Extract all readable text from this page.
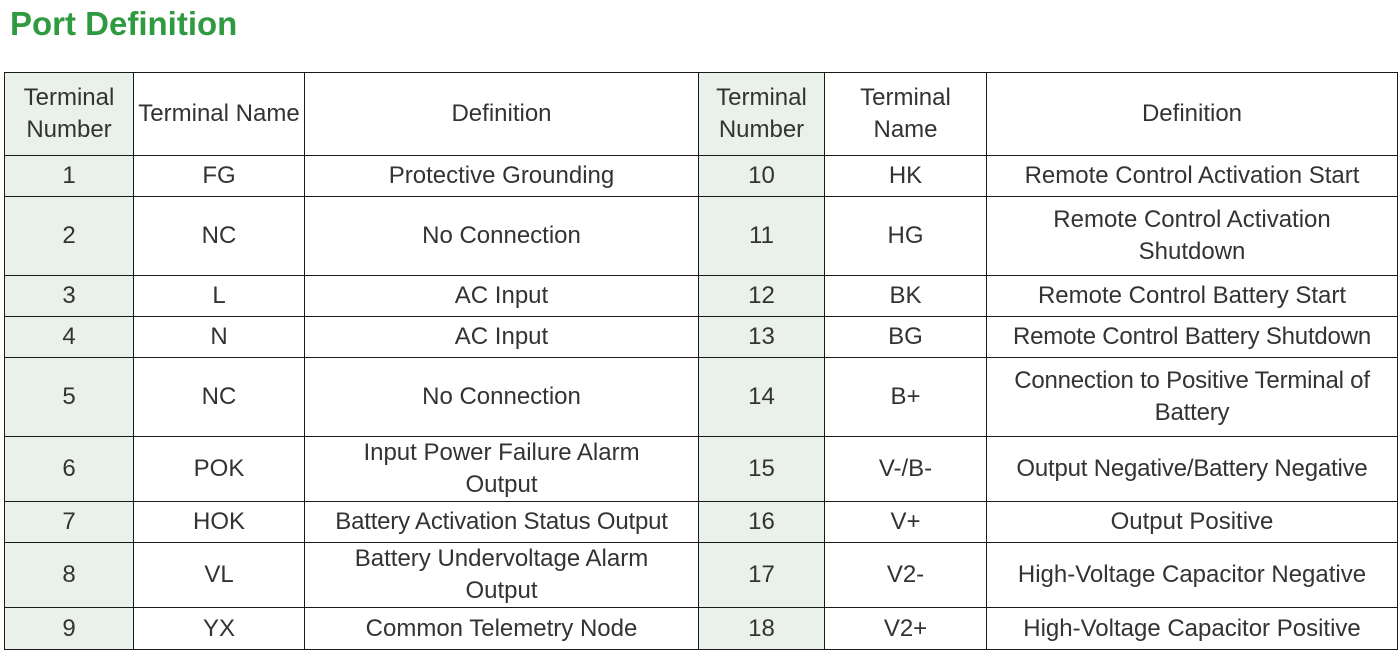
Port Definition
Terminal Number	Terminal Name	Definition	Terminal Number	Terminal Name	Definition
1	FG	Protective Grounding	10	HK	Remote Control Activation Start
2	NC	No Connection	11	HG	Remote Control Activation Shutdown
3	L	AC Input	12	BK	Remote Control Battery Start
4	N	AC Input	13	BG	Remote Control Battery Shutdown
5	NC	No Connection	14	B+	Connection to Positive Terminal of Battery
6	POK	Input Power Failure Alarm Output	15	V-/B-	Output Negative/Battery Negative
7	HOK	Battery Activation Status Output	16	V+	Output Positive
8	VL	Battery Undervoltage Alarm Output	17	V2-	High-Voltage Capacitor Negative
9	YX	Common Telemetry Node	18	V2+	High-Voltage Capacitor Positive
